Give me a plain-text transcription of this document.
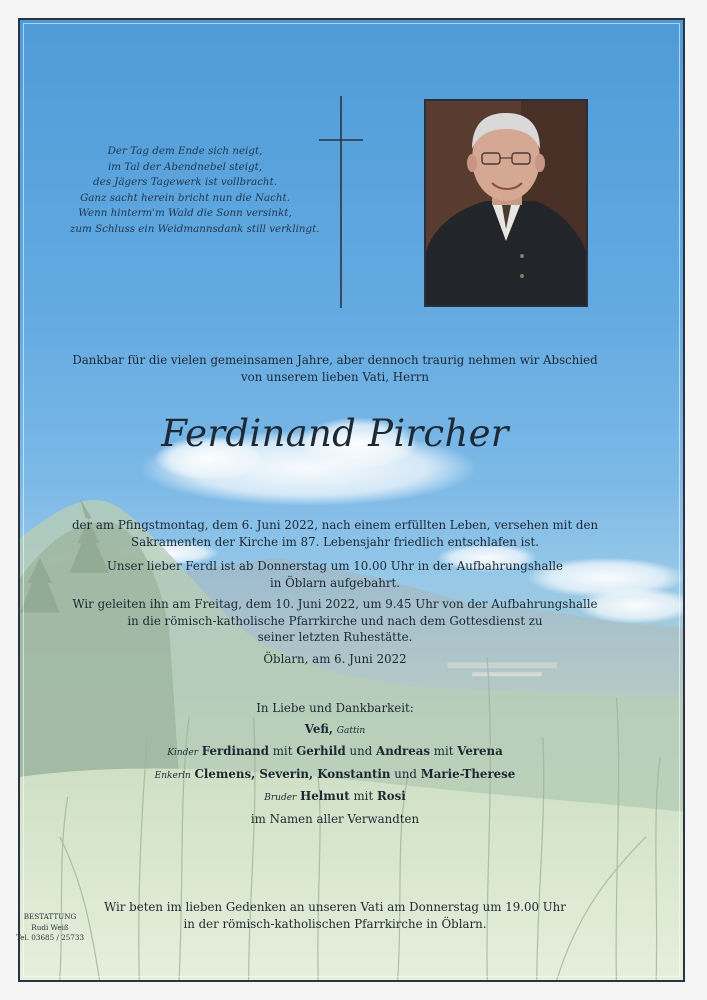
Der Tag dem Ende sich neigt,
im Tal der Abendnebel steigt,
des Jägers Tagewerk ist vollbracht.
Ganz sacht herein bricht nun die Nacht.
Wenn hinterm'm Wald die Sonn versinkt,
zum Schluss ein Weidmannsdank still verklingt.
Dankbar für die vielen gemeinsamen Jahre, aber dennoch traurig nehmen wir Abschied
von unserem lieben Vati, Herrn
Ferdinand Pircher
der am Pfingstmontag, dem 6. Juni 2022, nach einem erfüllten Leben, versehen mit den
Sakramenten der Kirche im 87. Lebensjahr friedlich entschlafen ist.
Unser lieber Ferdl ist ab Donnerstag um 10.00 Uhr in der Aufbahrungshalle
in Öblarn aufgebahrt.
Wir geleiten ihn am Freitag, dem 10. Juni 2022, um 9.45 Uhr von der Aufbahrungshalle
in die römisch-katholische Pfarrkirche und nach dem Gottesdienst zu
seiner letzten Ruhestätte.
Öblarn, am 6. Juni 2022
In Liebe und Dankbarkeit:
Vefi, Gattin
Kinder Ferdinand mit Gerhild und Andreas mit Verena
Enkerln Clemens, Severin, Konstantin und Marie-Therese
Bruder Helmut mit Rosi
im Namen aller Verwandten
Wir beten im lieben Gedenken an unseren Vati am Donnerstag um 19.00 Uhr
in der römisch-katholischen Pfarrkirche in Öblarn.
BESTATTUNG
Rudi Weiß
Tel. 03685 / 25733
